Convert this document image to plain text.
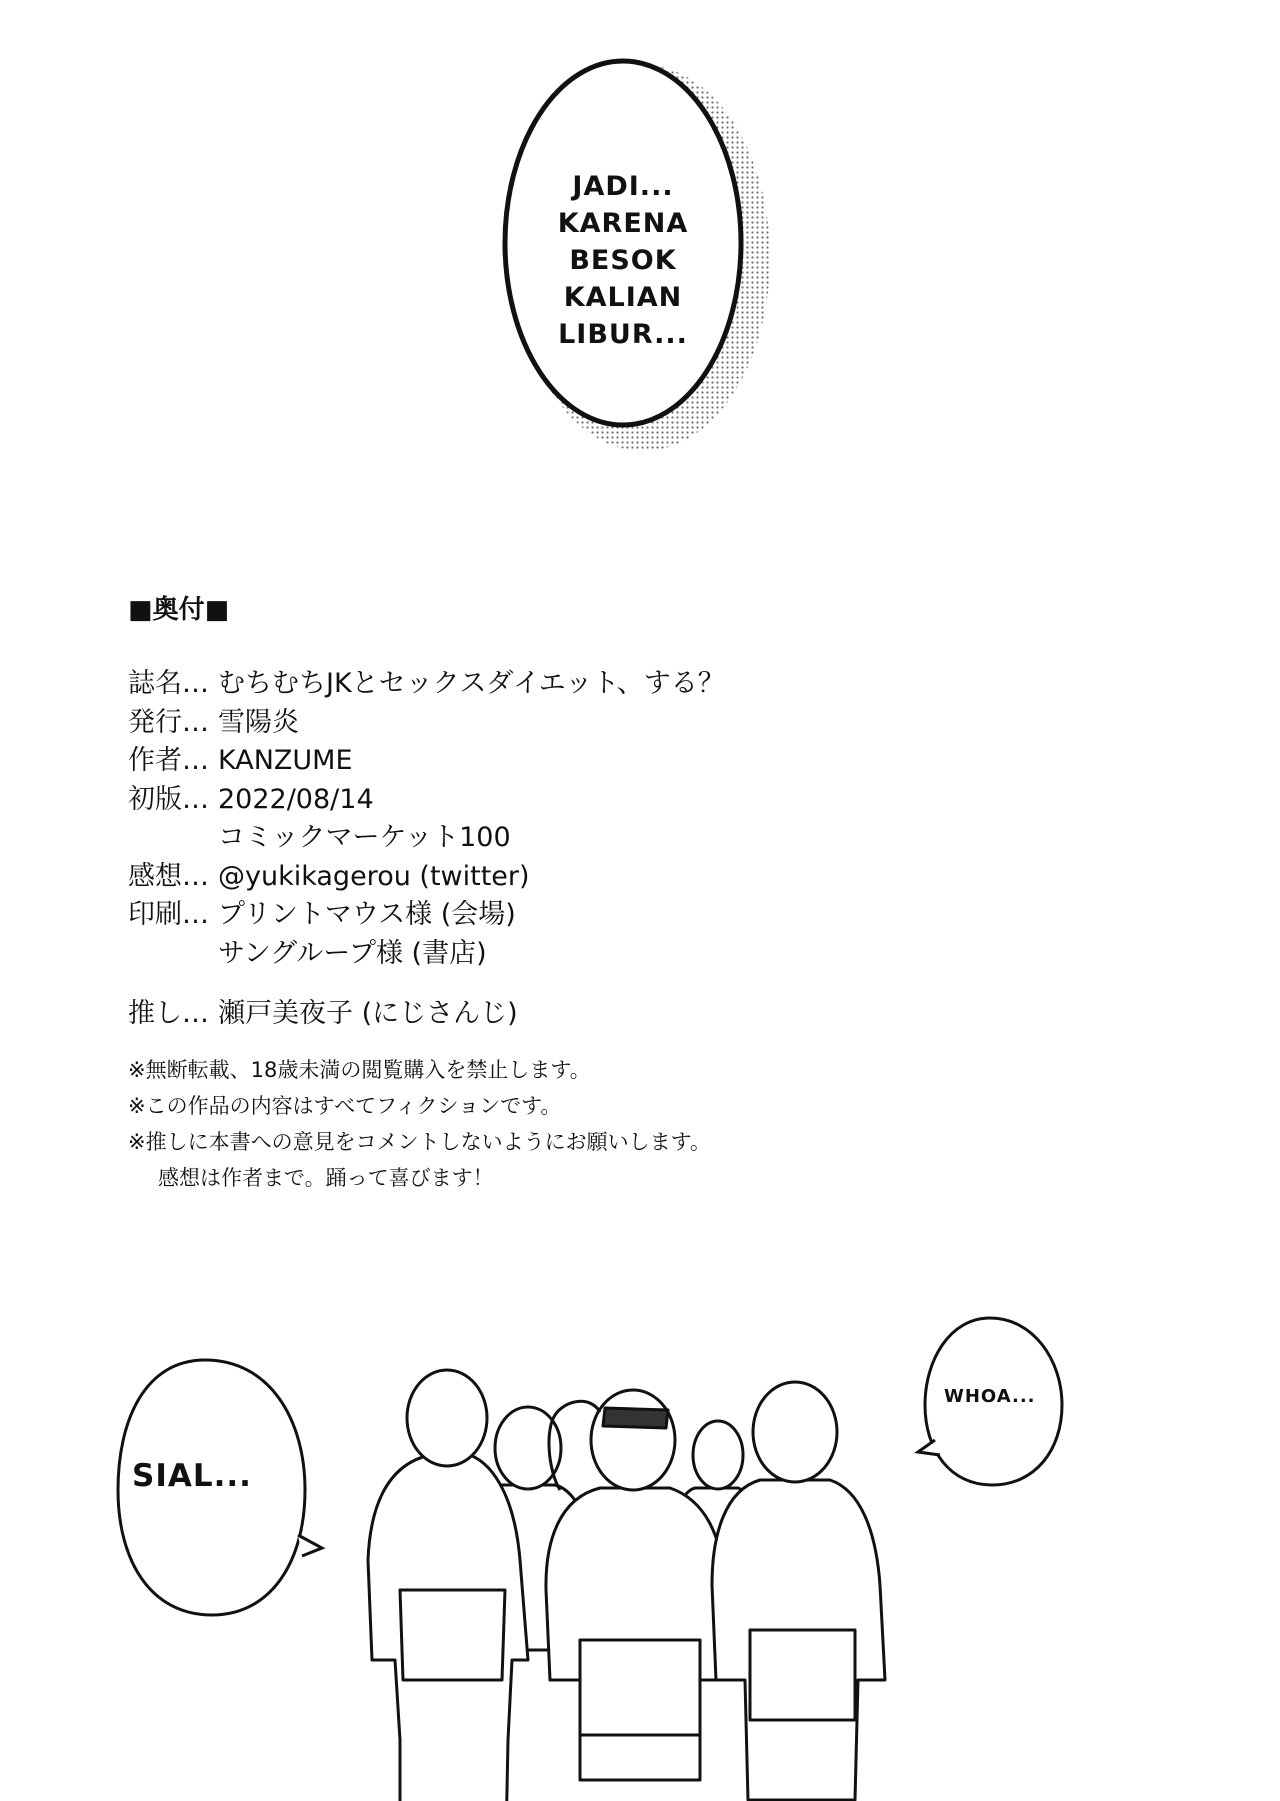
JADI...
KARENA
BESOK
KALIAN
LIBUR...
SIAL...
WHOA...
■奥付■
誌名… むちむちJKとセックスダイエット、する？
発行… 雪陽炎
作者… KANZUME
初版… 2022/08/14
コミックマーケット100
感想… @yukikagerou (twitter)
印刷… プリントマウス様 (会場)
サングループ様 (書店)
推し… 瀬戸美夜子 (にじさんじ)
※無断転載、18歳未満の閲覧購入を禁止します。
※この作品の内容はすべてフィクションです。
※推しに本書への意見をコメントしないようにお願いします。
感想は作者まで。踊って喜びます！
